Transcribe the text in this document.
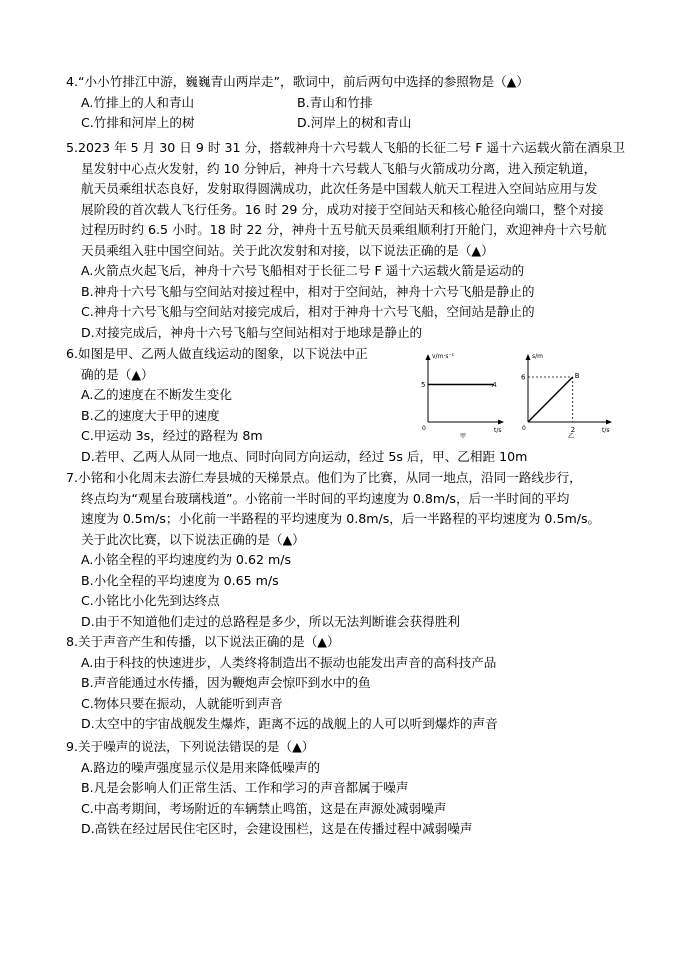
4.“小小竹排江中游，巍巍青山两岸走”，歌词中，前后两句中选择的参照物是（▲）

A.竹排上的人和青山	B.青山和竹排
C.竹排和河岸上的树	D.河岸上的树和青山

5.2023 年 5 月 30 日 9 时 31 分，搭载神舟十六号载人飞船的长征二号 F 遥十六运载火箭在酒泉卫

星发射中心点火发射，约 10 分钟后，神舟十六号载人飞船与火箭成功分离，进入预定轨道，

航天员乘组状态良好，发射取得圆满成功，此次任务是中国载人航天工程进入空间站应用与发

展阶段的首次载人飞行任务。16 时 29 分，成功对接于空间站天和核心舱径向端口，整个对接

过程历时约 6.5 小时。18 时 22 分，神舟十五号航天员乘组顺利打开舱门，欢迎神舟十六号航

天员乘组入驻中国空间站。关于此次发射和对接，以下说法正确的是（▲）

A.火箭点火起飞后，神舟十六号飞船相对于长征二号 F 遥十六运载火箭是运动的

B.神舟十六号飞船与空间站对接过程中，相对于空间站，神舟十六号飞船是静止的

C.神舟十六号飞船与空间站对接完成后，相对于神舟十六号飞船，空间站是静止的

D.对接完成后，神舟十六号飞船与空间站相对于地球是静止的

6.如图是甲、乙两人做直线运动的图象，以下说法中正

确的是（▲）

A.乙的速度在不断发生变化

B.乙的速度大于甲的速度

C.甲运动 3s，经过的路程为 8m

D.若甲、乙两人从同一地点、同时向同方向运动，经过 5s 后，甲、乙相距 10m

v/m·s⁻¹
t/s
0
5	A
甲
s/m
t/s
0
6
2
B
乙

7.小铭和小化周末去游仁寿县城的天梯景点。他们为了比赛，从同一地点，沿同一路线步行，

终点均为“观星台玻璃栈道”。小铭前一半时间的平均速度为 0.8m/s，后一半时间的平均

速度为 0.5m/s；小化前一半路程的平均速度为 0.8m/s，后一半路程的平均速度为 0.5m/s。

关于此次比赛，以下说法正确的是（▲）

A.小铭全程的平均速度约为 0.62 m/s

B.小化全程的平均速度为 0.65 m/s

C.小铭比小化先到达终点

D.由于不知道他们走过的总路程是多少，所以无法判断谁会获得胜利

8.关于声音产生和传播，以下说法正确的是（▲）

A.由于科技的快速进步，人类终将制造出不振动也能发出声音的高科技产品

B.声音能通过水传播，因为鞭炮声会惊吓到水中的鱼

C.物体只要在振动，人就能听到声音

D.太空中的宇宙战舰发生爆炸，距离不远的战舰上的人可以听到爆炸的声音

9.关于噪声的说法，下列说法错误的是（▲）

A.路边的噪声强度显示仪是用来降低噪声的

B.凡是会影响人们正常生活、工作和学习的声音都属于噪声

C.中高考期间，考场附近的车辆禁止鸣笛，这是在声源处减弱噪声

D.高铁在经过居民住宅区时，会建设围栏，这是在传播过程中减弱噪声
